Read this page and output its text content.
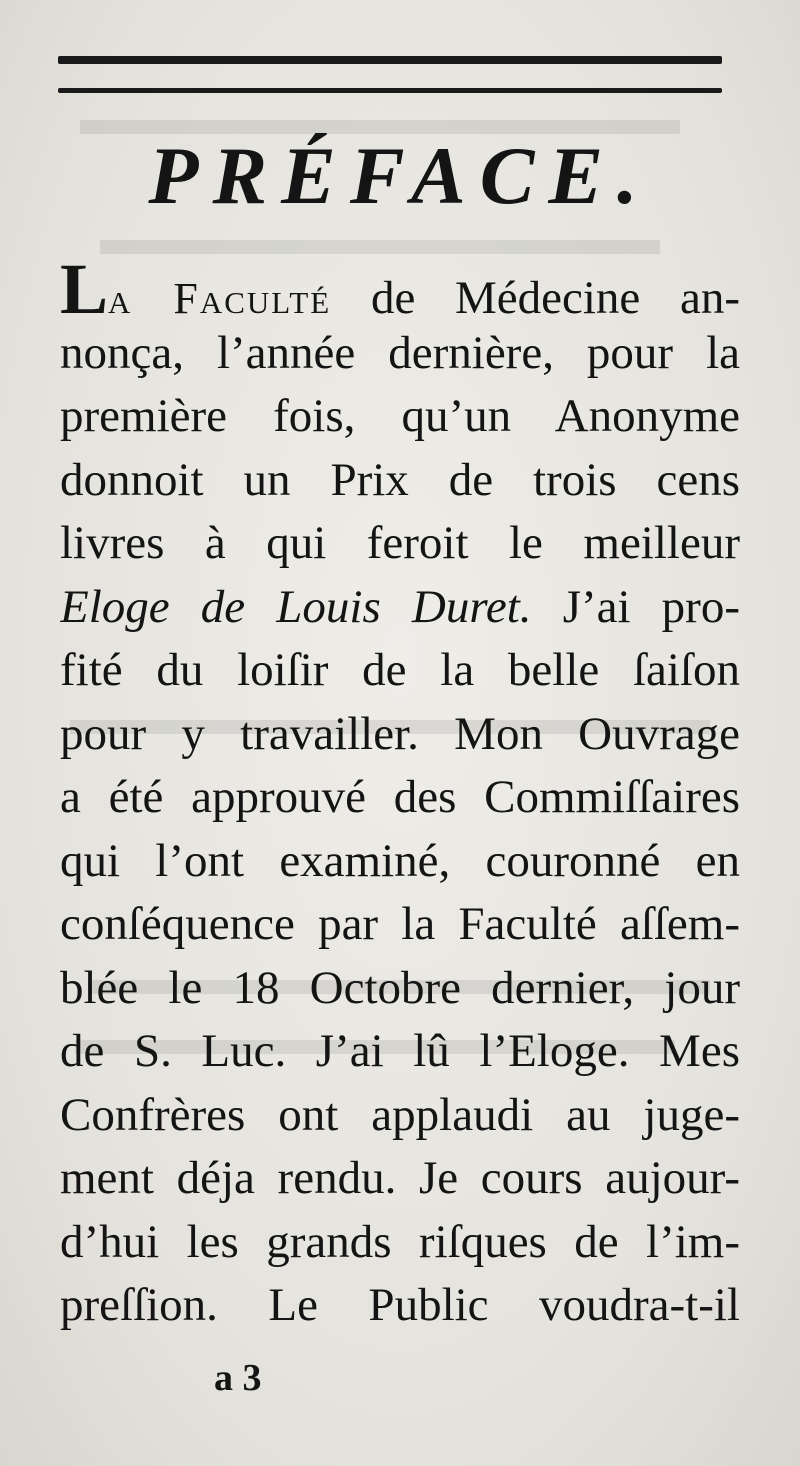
PRÉFACE.
La Faculté de Médecine an-
nonça, l’année dernière, pour la
première fois, qu’un Anonyme
donnoit un Prix de trois cens
livres à qui feroit le meilleur
Eloge de Louis Duret. J’ai pro-
fité du loiſir de la belle ſaiſon
pour y travailler. Mon Ouvrage
a été approuvé des Commiſſaires
qui l’ont examiné, couronné en
conſéquence par la Faculté aſſem-
blée le 18 Octobre dernier, jour
de S. Luc. J’ai lû l’Eloge. Mes
Confrères ont applaudi au juge-
ment déja rendu. Je cours aujour-
d’hui les grands riſques de l’im-
preſſion. Le Public voudra-t-il
a 3
